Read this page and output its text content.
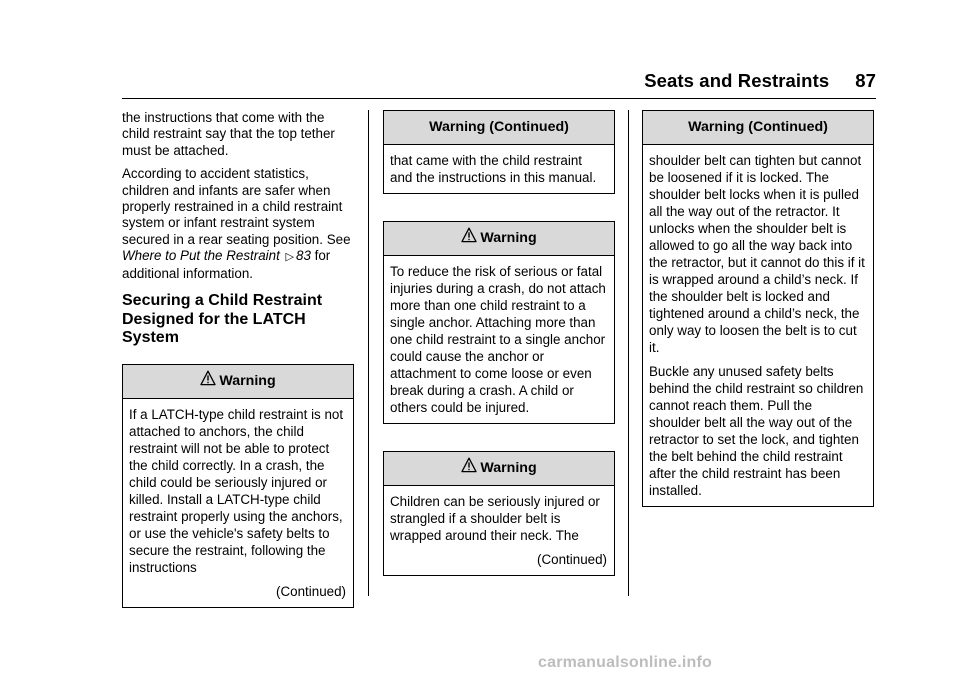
Seats and Restraints 87

the instructions that come with the child restraint say that the top tether must be attached.

According to accident statistics, children and infants are safer when properly restrained in a child restraint system or infant restraint system secured in a rear seating position. See Where to Put the Restraint ▷ 83 for additional information.

Securing a Child Restraint Designed for the LATCH System
Warning

If a LATCH-type child restraint is not attached to anchors, the child restraint will not be able to protect the child correctly. In a crash, the child could be seriously injured or killed. Install a LATCH-type child restraint properly using the anchors, or use the vehicle's safety belts to secure the restraint, following the instructions

(Continued)

Warning (Continued)

that came with the child restraint and the instructions in this manual.

Warning

To reduce the risk of serious or fatal injuries during a crash, do not attach more than one child restraint to a single anchor. Attaching more than one child restraint to a single anchor could cause the anchor or attachment to come loose or even break during a crash. A child or others could be injured.

Warning

Children can be seriously injured or strangled if a shoulder belt is wrapped around their neck. The

(Continued)

Warning (Continued)

shoulder belt can tighten but cannot be loosened if it is locked. The shoulder belt locks when it is pulled all the way out of the retractor. It unlocks when the shoulder belt is allowed to go all the way back into the retractor, but it cannot do this if it is wrapped around a child’s neck. If the shoulder belt is locked and tightened around a child’s neck, the only way to loosen the belt is to cut it.

Buckle any unused safety belts behind the child restraint so children cannot reach them. Pull the shoulder belt all the way out of the retractor to set the lock, and tighten the belt behind the child restraint after the child restraint has been installed.

carmanualsonline.info
